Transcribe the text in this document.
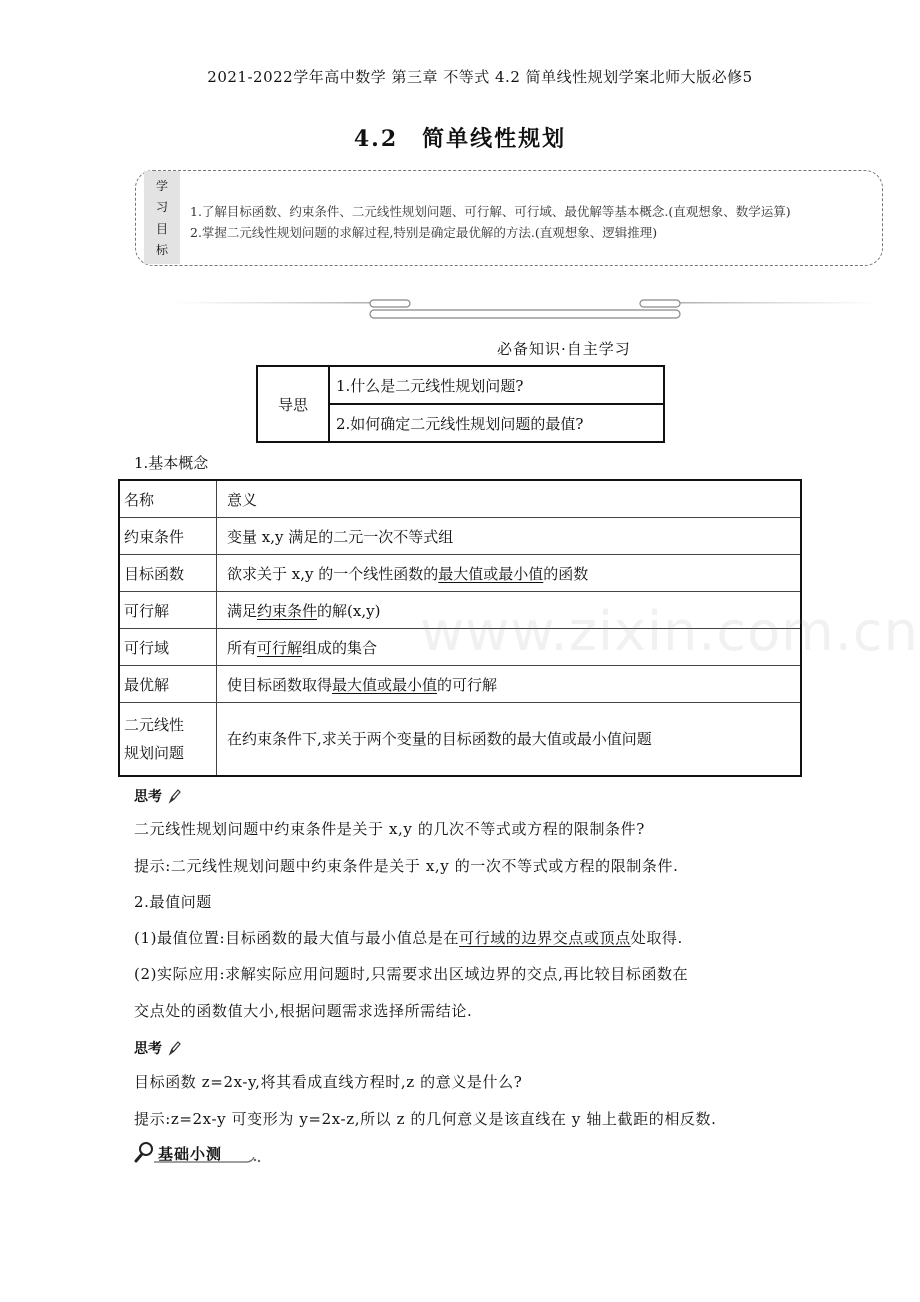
2021-2022学年高中数学 第三章 不等式 4.2 简单线性规划学案北师大版必修5
4.2　简单线性规划
学
习
目
标
1.了解目标函数、约束条件、二元线性规划问题、可行解、可行域、最优解等基本概念.(直观想象、数学运算)
2.掌握二元线性规划问题的求解过程,特别是确定最优解的方法.(直观想象、逻辑推理)
必备知识·自主学习
导思	1.什么是二元线性规划问题?
2.如何确定二元线性规划问题的最值?
1.基本概念
名称	意义
约束条件	变量 x,y 满足的二元一次不等式组
目标函数	欲求关于 x,y 的一个线性函数的最大值或最小值的函数
可行解	满足约束条件的解(x,y)
可行域	所有可行解组成的集合
最优解	使目标函数取得最大值或最小值的可行解

二元线性
规划问题	在约束条件下,求关于两个变量的目标函数的最大值或最小值问题
思考
二元线性规划问题中约束条件是关于 x,y 的几次不等式或方程的限制条件?
提示:二元线性规划问题中约束条件是关于 x,y 的一次不等式或方程的限制条件.
2.最值问题
(1)最值位置:目标函数的最大值与最小值总是在可行域的边界交点或顶点处取得.
(2)实际应用:求解实际应用问题时,只需要求出区域边界的交点,再比较目标函数在
交点处的函数值大小,根据问题需求选择所需结论.
思考
目标函数 z=2x-y,将其看成直线方程时,z 的意义是什么?
提示:z=2x-y 可变形为 y=2x-z,所以 z 的几何意义是该直线在 y 轴上截距的相反数.
基础小测
www.zixin.com.cn
